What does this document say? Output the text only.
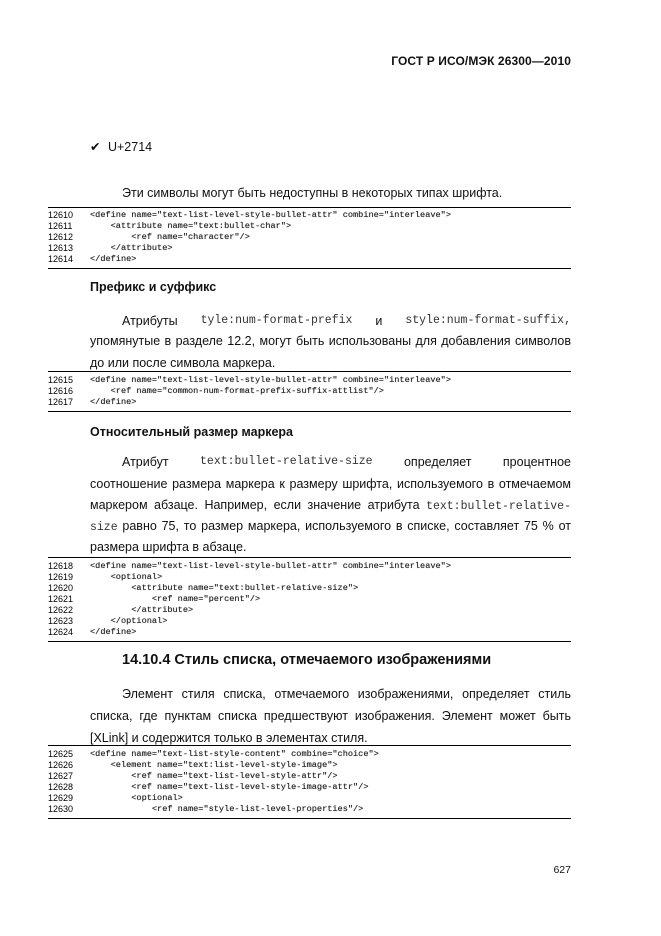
ГОСТ Р ИСО/МЭК 26300—2010
✔ U+2714
Эти символы могут быть недоступны в некоторых типах шрифта.
12610	<define name="text-list-level-style-bullet-attr" combine="interleave">
12611	<attribute name="text:bullet-char">
12612	<ref name="character"/>
12613	</attribute>
12614	</define>
Префикс и суффикс
Атрибуты tyle:num-format-prefix и style:num-format-suffix,
упомянутые в разделе 12.2, могут быть использованы для добавления символов до или после символа маркера.
12615	<define name="text-list-level-style-bullet-attr" combine="interleave">
12616	<ref name="common-num-format-prefix-suffix-attlist"/>
12617	</define>
Относительный размер маркера
Атрибут	text:bullet-relative-size	определяет	процентное
соотношение размера маркера к размеру шрифта, используемого в отмечаемом
маркером абзаце. Например, если значение атрибута text:bullet-relative-
size равно 75, то размер маркера, используемого в списке, составляет 75 % от
размера шрифта в абзаце.
12618	<define name="text-list-level-style-bullet-attr" combine="interleave">
12619	<optional>
12620	<attribute name="text:bullet-relative-size">
12621	<ref name="percent"/>
12622	</attribute>
12623	</optional>
12624	</define>
14.10.4 Стиль списка, отмечаемого изображениями
Элемент стиля списка, отмечаемого изображениями, определяет стиль
списка, где пунктам списка предшествуют изображения. Элемент может быть
[XLink] и содержится только в элементах стиля.
12625	<define name="text-list-style-content" combine="choice">
12626	<element name="text:list-level-style-image">
12627	<ref name="text-list-level-style-attr"/>
12628	<ref name="text-list-level-style-image-attr"/>
12629	<optional>
12630	<ref name="style-list-level-properties"/>
627
